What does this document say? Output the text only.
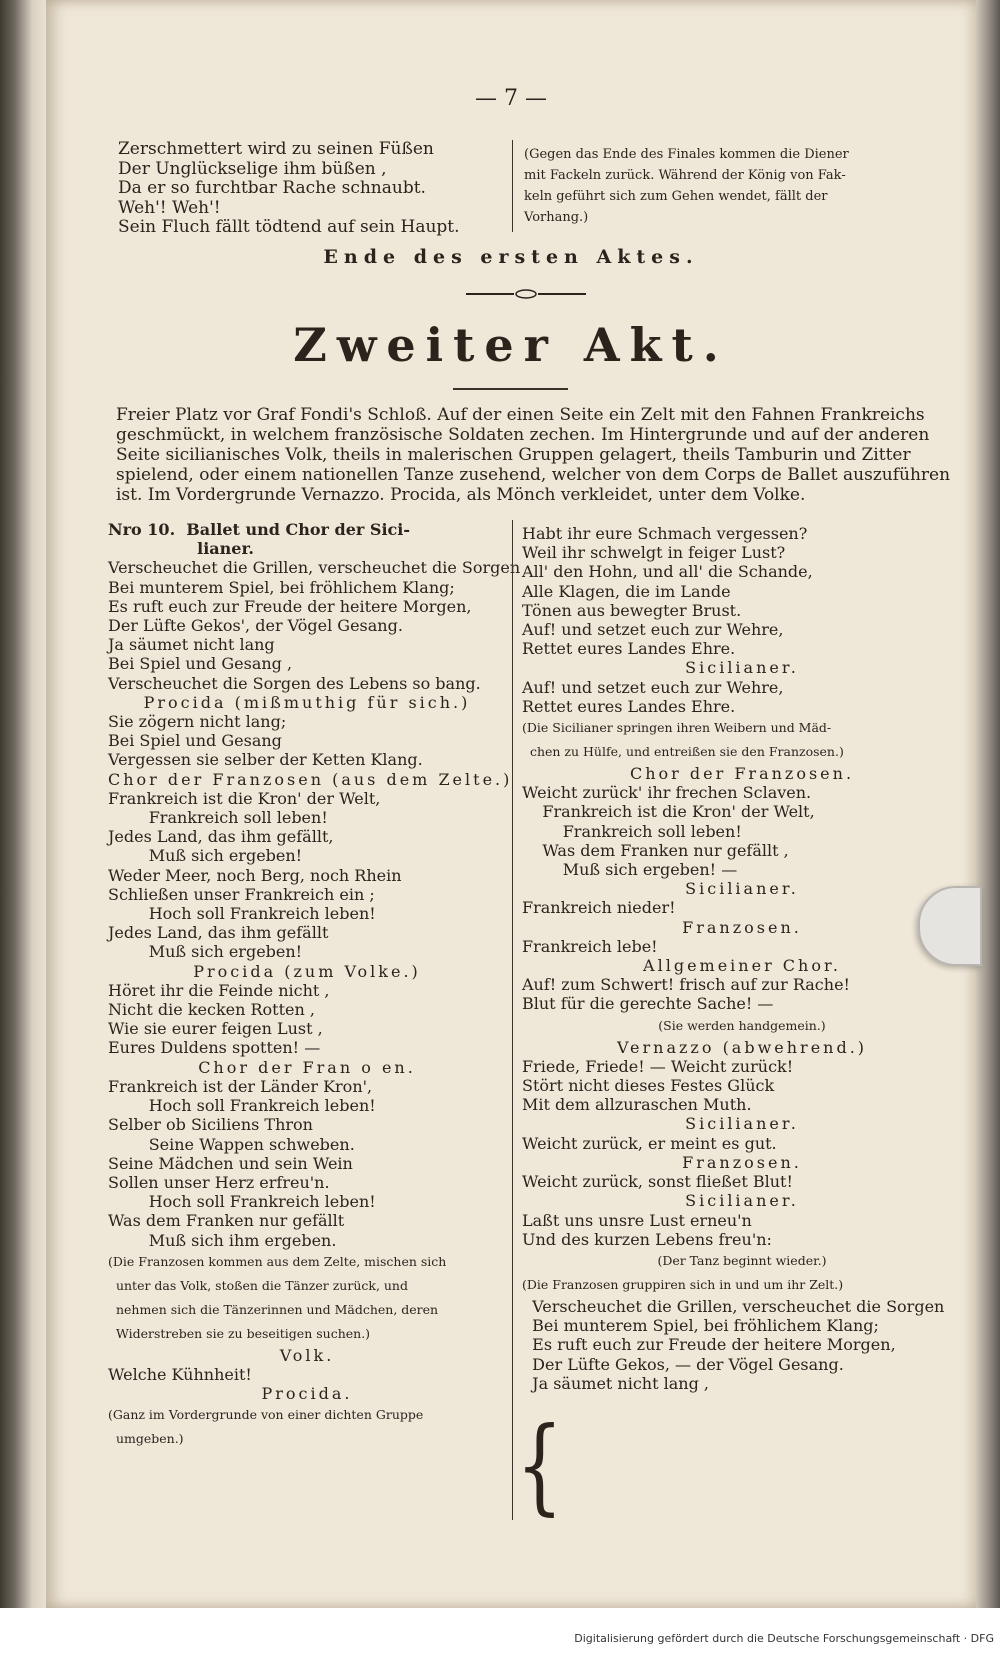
— 7 —
Zerschmettert wird zu seinen Füßen
Der Unglückselige ihm büßen ,
Da er so furchtbar Rache schnaubt.
Weh'! Weh'!
Sein Fluch fällt tödtend auf sein Haupt.
(Gegen das Ende des Finales kommen die Diener
mit Fackeln zurück. Während der König von Fak-
keln geführt sich zum Gehen wendet, fällt der
Vorhang.)
Ende des ersten Aktes.
Zweiter Akt.
Freier Platz vor Graf Fondi's Schloß. Auf der einen Seite ein Zelt mit den Fahnen Frankreichs
geschmückt, in welchem französische Soldaten zechen. Im Hintergrunde und auf der anderen
Seite sicilianisches Volk, theils in malerischen Gruppen gelagert, theils Tamburin und Zitter
spielend, oder einem nationellen Tanze zusehend, welcher von dem Corps de Ballet auszuführen
ist. Im Vordergrunde Vernazzo. Procida, als Mönch verkleidet, unter dem Volke.
Nro 10.  Ballet und Chor der Sici-
lianer.
Verscheuchet die Grillen, verscheuchet die Sorgen
Bei munterem Spiel, bei fröhlichem Klang;
Es ruft euch zur Freude der heitere Morgen,
Der Lüfte Gekos', der Vögel Gesang.
Ja säumet nicht lang
Bei Spiel und Gesang ,
Verscheuchet die Sorgen des Lebens so bang.
Procida (mißmuthig für sich.)
Sie zögern nicht lang;
Bei Spiel und Gesang
Vergessen sie selber der Ketten Klang.
Chor der Franzosen (aus dem Zelte.)
Frankreich ist die Kron' der Welt,
Frankreich soll leben!
Jedes Land, das ihm gefällt,
Muß sich ergeben!
Weder Meer, noch Berg, noch Rhein
Schließen unser Frankreich ein ;
Hoch soll Frankreich leben!
Jedes Land, das ihm gefällt
Muß sich ergeben!
Procida (zum Volke.)
Höret ihr die Feinde nicht ,
Nicht die kecken Rotten ,
Wie sie eurer feigen Lust ,
Eures Duldens spotten! —
Chor der Fran o en.
Frankreich ist der Länder Kron',
Hoch soll Frankreich leben!
Selber ob Siciliens Thron
Seine Wappen schweben.
Seine Mädchen und sein Wein
Sollen unser Herz erfreu'n.
Hoch soll Frankreich leben!
Was dem Franken nur gefällt
Muß sich ihm ergeben.
(Die Franzosen kommen aus dem Zelte, mischen sich
unter das Volk, stoßen die Tänzer zurück, und
nehmen sich die Tänzerinnen und Mädchen, deren
Widerstreben sie zu beseitigen suchen.)
Volk.
Welche Kühnheit!
Procida.
(Ganz im Vordergrunde von einer dichten Gruppe
umgeben.)
Habt ihr eure Schmach vergessen?
Weil ihr schwelgt in feiger Lust?
All' den Hohn, und all' die Schande,
Alle Klagen, die im Lande
Tönen aus bewegter Brust.
Auf! und setzet euch zur Wehre,
Rettet eures Landes Ehre.
Sicilianer.
Auf! und setzet euch zur Wehre,
Rettet eures Landes Ehre.
(Die Sicilianer springen ihren Weibern und Mäd-
chen zu Hülfe, und entreißen sie den Franzosen.)
Chor der Franzosen.
Weicht zurück' ihr frechen Sclaven.
Frankreich ist die Kron' der Welt,
Frankreich soll leben!
Was dem Franken nur gefällt ,
Muß sich ergeben! —
Sicilianer.
Frankreich nieder!
Franzosen.
Frankreich lebe!
Allgemeiner Chor.
Auf! zum Schwert! frisch auf zur Rache!
Blut für die gerechte Sache! —
(Sie werden handgemein.)
Vernazzo (abwehrend.)
Friede, Friede! — Weicht zurück!
Stört nicht dieses Festes Glück
Mit dem allzuraschen Muth.
Sicilianer.
Weicht zurück, er meint es gut.
Franzosen.
Weicht zurück, sonst fließet Blut!
Sicilianer.
Laßt uns unsre Lust erneu'n
Und des kurzen Lebens freu'n:
(Der Tanz beginnt wieder.)
(Die Franzosen gruppiren sich in und um ihr Zelt.)
Verscheuchet die Grillen, verscheuchet die Sorgen
Bei munterem Spiel, bei fröhlichem Klang;
Es ruft euch zur Freude der heitere Morgen,
Der Lüfte Gekos, — der Vögel Gesang.
Ja säumet nicht lang ,
{
Digitalisierung gefördert durch die Deutsche Forschungsgemeinschaft · DFG
